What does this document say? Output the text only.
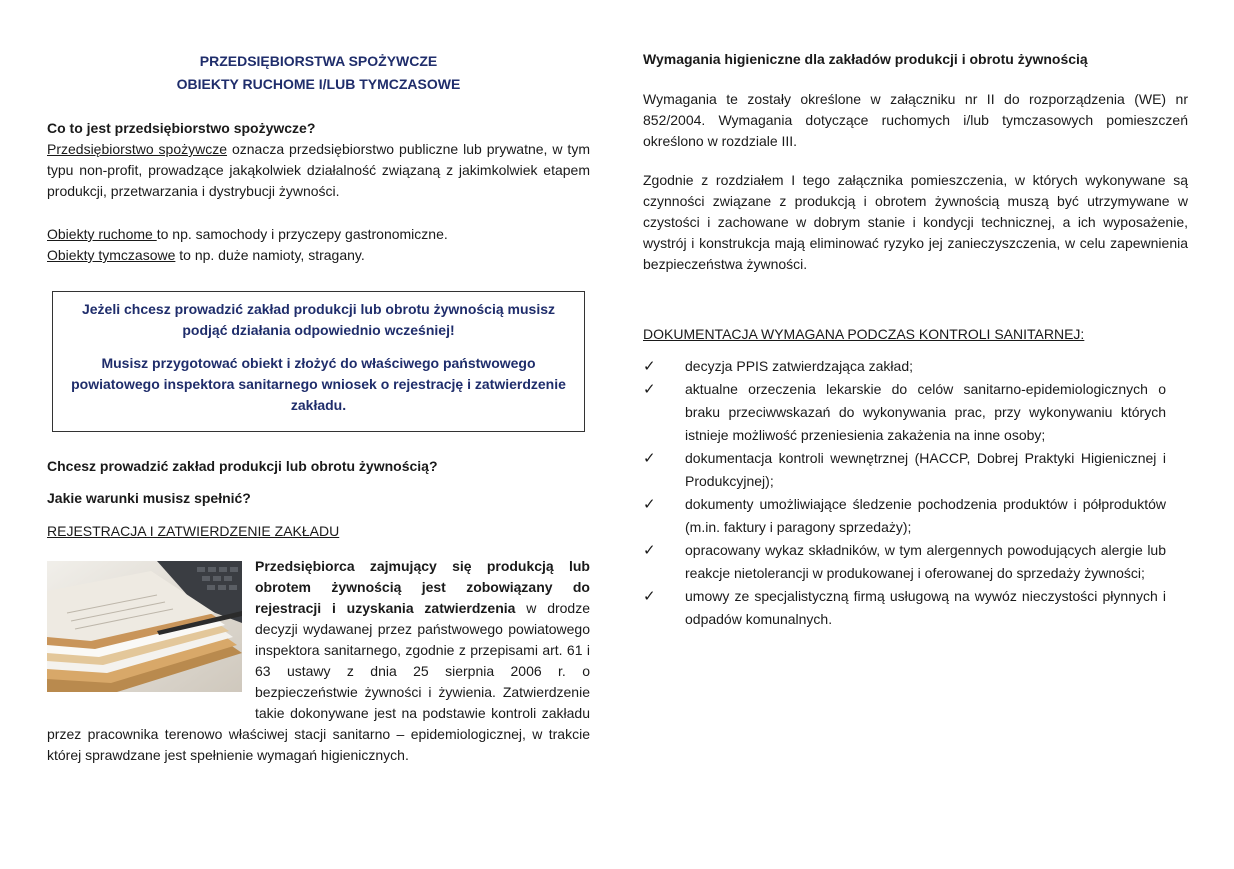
PRZEDSIĘBIORSTWA SPOŻYWCZE
OBIEKTY RUCHOME I/LUB TYMCZASOWE
Co to jest przedsiębiorstwo spożywcze?
Przedsiębiorstwo spożywcze oznacza przedsiębiorstwo publiczne lub prywatne, w tym typu non-profit, prowadzące jakąkolwiek działalność związaną z jakimkolwiek etapem produkcji, przetwarzania i dystrybucji żywności.
Obiekty ruchome to np. samochody i przyczepy gastronomiczne.
Obiekty tymczasowe to np. duże namioty, stragany.

Jeżeli chcesz prowadzić zakład produkcji lub obrotu żywnością musisz podjąć działania odpowiednio wcześniej!

Musisz przygotować obiekt i złożyć do właściwego państwowego powiatowego inspektora sanitarnego wniosek o rejestrację i zatwierdzenie zakładu.

Chcesz prowadzić zakład produkcji lub obrotu żywnością?
Jakie warunki musisz spełnić?
REJESTRACJA I ZATWIERDZENIE ZAKŁADU
Przedsiębiorca zajmujący się produkcją lub obrotem żywnością jest zobowiązany do rejestracji i uzyskania zatwierdzenia w drodze decyzji wydawanej przez państwowego powiatowego inspektora sanitarnego, zgodnie z przepisami art. 61 i 63 ustawy z dnia 25 sierpnia 2006 r. o bezpieczeństwie żywności i żywienia. Zatwierdzenie takie dokonywane jest na podstawie kontroli zakładu przez pracownika terenowo właściwej stacji sanitarno – epidemiologicznej, w trakcie której sprawdzane jest spełnienie wymagań higienicznych.
Wymagania higieniczne dla zakładów produkcji i obrotu żywnością
Wymagania te zostały określone w załączniku nr II do rozporządzenia (WE) nr 852/2004. Wymagania dotyczące ruchomych i/lub tymczasowych pomieszczeń określono w rozdziale III.
Zgodnie z rozdziałem I tego załącznika pomieszczenia, w których wykonywane są czynności związane z produkcją i obrotem żywnością muszą być utrzymywane w czystości i zachowane w dobrym stanie i kondycji technicznej, a ich wyposażenie, wystrój i konstrukcja mają eliminować ryzyko jej zanieczyszczenia, w celu zapewnienia bezpieczeństwa żywności.
DOKUMENTACJA WYMAGANA PODCZAS KONTROLI SANITARNEJ:
✓ decyzja PPIS zatwierdzająca zakład;
✓ aktualne orzeczenia lekarskie do celów sanitarno-epidemiologicznych o braku przeciwwskazań do wykonywania prac, przy wykonywaniu których istnieje możliwość przeniesienia zakażenia na inne osoby;
✓ dokumentacja kontroli wewnętrznej (HACCP, Dobrej Praktyki Higienicznej i Produkcyjnej);
✓ dokumenty umożliwiające śledzenie pochodzenia produktów i półproduktów (m.in. faktury i paragony sprzedaży);
✓ opracowany wykaz składników, w tym alergennych powodujących alergie lub reakcje nietolerancji w produkowanej i oferowanej do sprzedaży żywności;
✓ umowy ze specjalistyczną firmą usługową na wywóz nieczystości płynnych i odpadów komunalnych.
